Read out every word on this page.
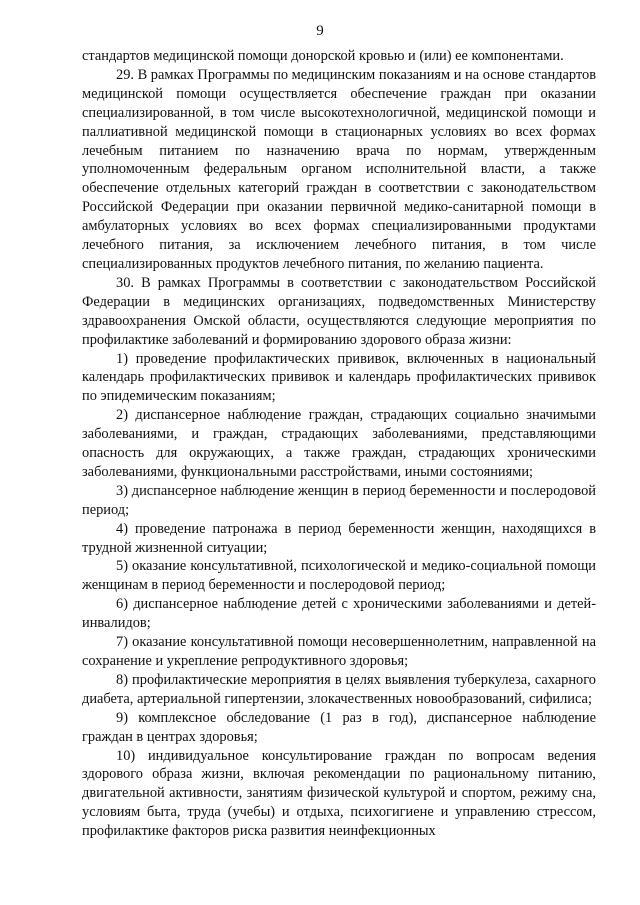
9

стандартов медицинской помощи донорской кровью и (или) ее компонентами.

29. В рамках Программы по медицинским показаниям и на основе стандартов медицинской помощи осуществляется обеспечение граждан при оказании специализированной, в том числе высокотехнологичной, медицинской помощи и паллиативной медицинской помощи в стационарных условиях во всех формах лечебным питанием по назначению врача по нормам, утвержденным уполномоченным федеральным органом исполнительной власти, а также обеспечение отдельных категорий граждан в соответствии с законодательством Российской Федерации при оказании первичной медико-санитарной помощи в амбулаторных условиях во всех формах специализированными продуктами лечебного питания, за исключением лечебного питания, в том числе специализированных продуктов лечебного питания, по желанию пациента.

30. В рамках Программы в соответствии с законодательством Российской Федерации в медицинских организациях, подведомственных Министерству здравоохранения Омской области, осуществляются следующие мероприятия по профилактике заболеваний и формированию здорового образа жизни:

1) проведение профилактических прививок, включенных в национальный календарь профилактических прививок и календарь профилактических прививок по эпидемическим показаниям;

2) диспансерное наблюдение граждан, страдающих социально значимыми заболеваниями, и граждан, страдающих заболеваниями, представляющими опасность для окружающих, а также граждан, страдающих хроническими заболеваниями, функциональными расстройствами, иными состояниями;

3) диспансерное наблюдение женщин в период беременности и послеродовой период;

4) проведение патронажа в период беременности женщин, находящихся в трудной жизненной ситуации;

5) оказание консультативной, психологической и медико-социальной помощи женщинам в период беременности и послеродовой период;

6) диспансерное наблюдение детей с хроническими заболеваниями и детей-инвалидов;

7) оказание консультативной помощи несовершеннолетним, направленной на сохранение и укрепление репродуктивного здоровья;

8) профилактические мероприятия в целях выявления туберкулеза, сахарного диабета, артериальной гипертензии, злокачественных новообразований, сифилиса;

9) комплексное обследование (1 раз в год), диспансерное наблюдение граждан в центрах здоровья;

10) индивидуальное консультирование граждан по вопросам ведения здорового образа жизни, включая рекомендации по рациональному питанию, двигательной активности, занятиям физической культурой и спортом, режиму сна, условиям быта, труда (учебы) и отдыха, психогигиене и управлению стрессом, профилактике факторов риска развития неинфекционных
